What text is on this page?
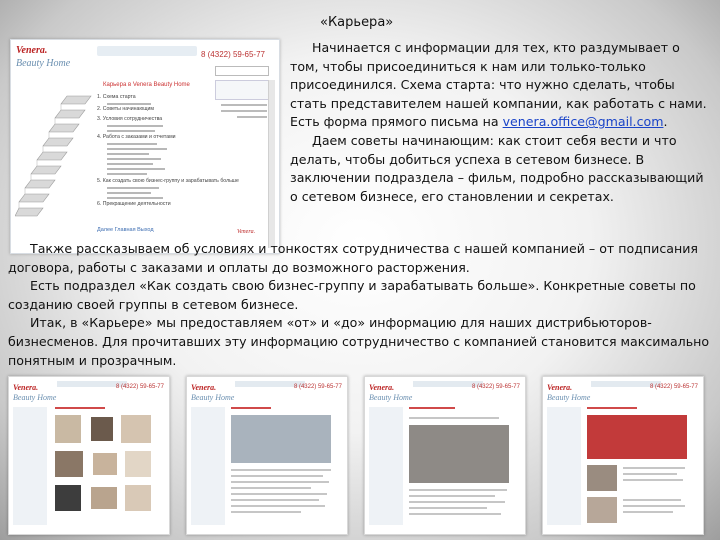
«Карьера»
Venera.
Beauty Home
8 (4322) 59-65-77
Карьера в Venera Beauty Home
1. Схема старта
2. Советы начинающим
3. Условия сотрудничества
4. Работа с заказами и отчетами
5. Как создать свою бизнес-группу и зарабатывать больше
6. Прекращение деятельности
Далее Главная Выход	Venera.

Начинается с информации для тех, кто раздумывает о том, чтобы присоединиться к нам или только-только присоединился. Схема старта: что нужно сделать, чтобы стать представителем нашей компании, как работать с нами. Есть форма прямого письма на venera.office@gmail.com.

Даем советы начинающим: как стоит себя вести и что делать, чтобы добиться успеха в сетевом бизнесе. В заключении подраздела – фильм, подробно рассказывающий о сетевом бизнесе, его становлении и секретах.

Также рассказываем об условиях и тонкостях сотрудничества с нашей компанией – от подписания договора, работы с заказами и оплаты до возможного расторжения.

Есть подраздел «Как создать свою бизнес-группу и зарабатывать больше». Конкретные советы по созданию своей группы в сетевом бизнесе.

Итак, в «Карьере» мы предоставляем «от» и «до» информацию для наших дистрибьюторов-бизнесменов. Для прочитавших эту информацию сотрудничество с компанией становится максимально понятным и прозрачным.

Venera.
Beauty Home
8 (4322) 59-65-77	Venera.
Beauty Home
8 (4322) 59-65-77	Venera.
Beauty Home
8 (4322) 59-65-77	Venera.
Beauty Home
8 (4322) 59-65-77
